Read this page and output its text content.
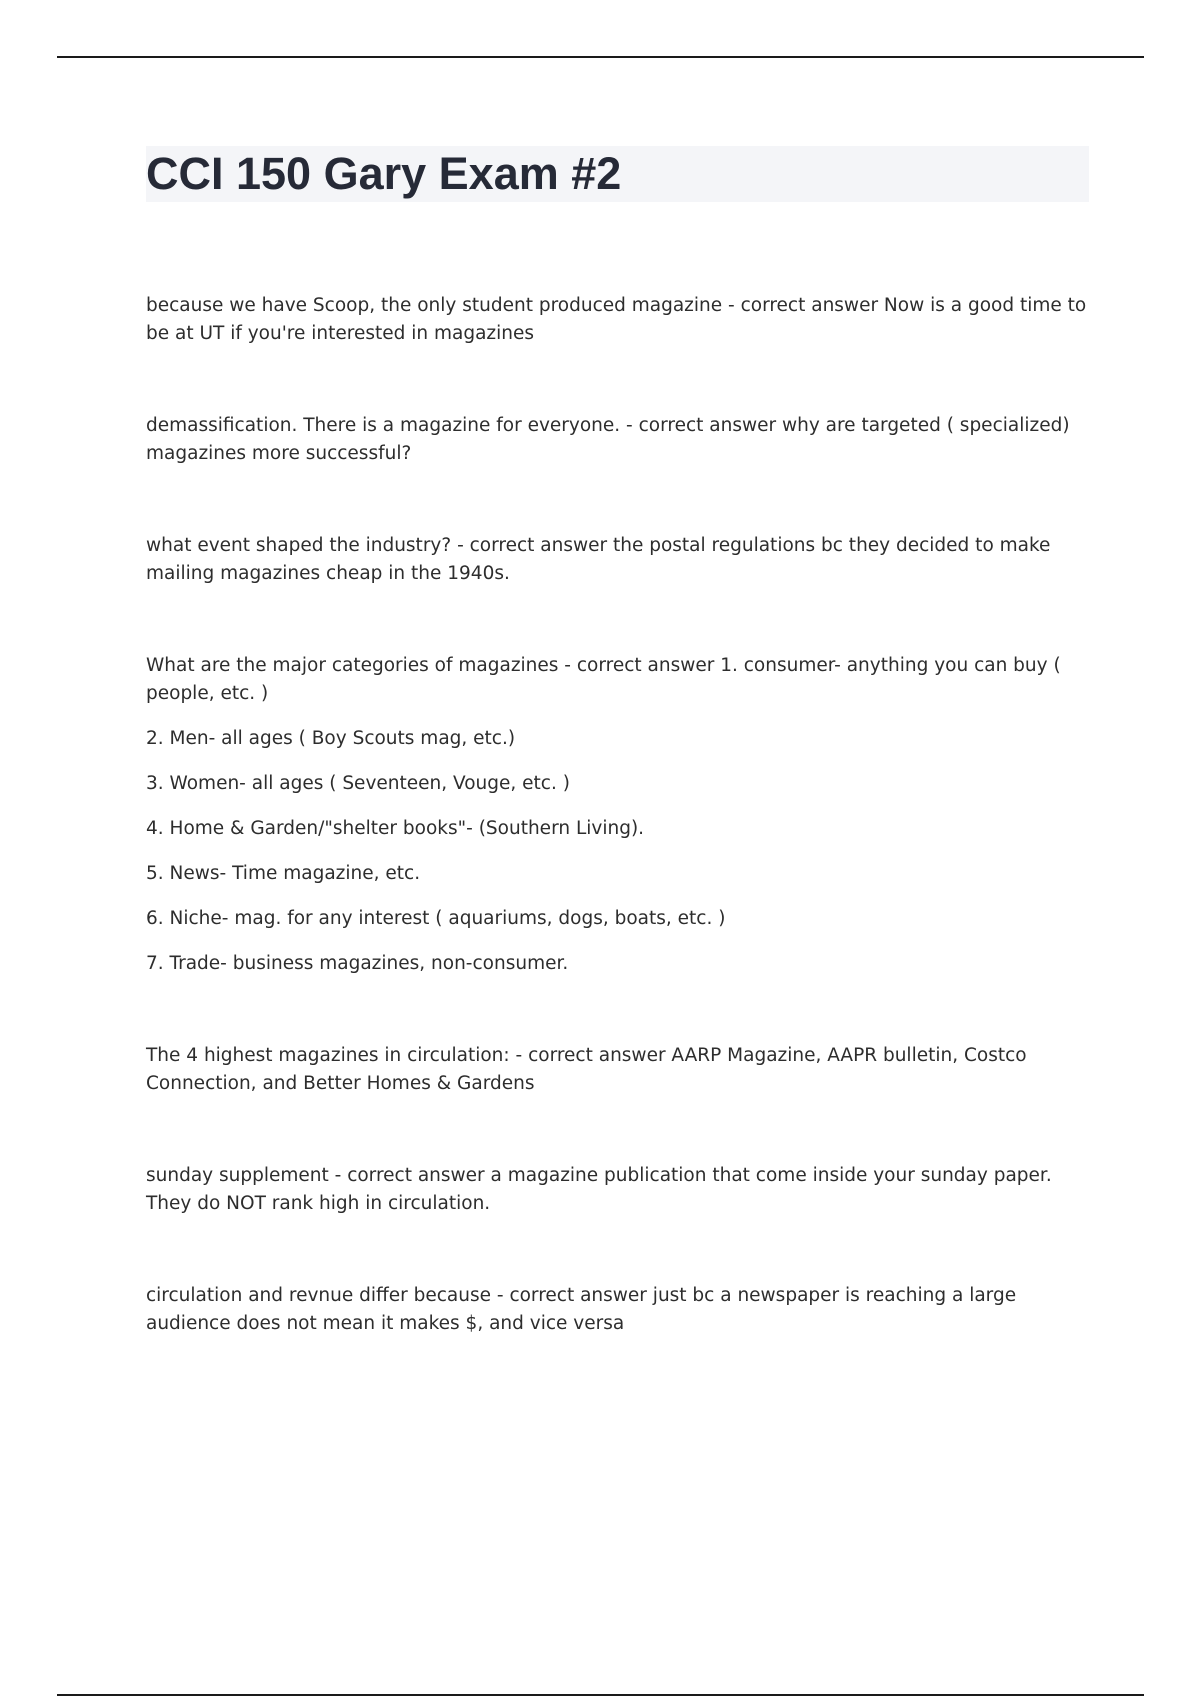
CCI 150 Gary Exam #2

because we have Scoop, the only student produced magazine - correct answer Now is a good time to be at UT if you're interested in magazines

demassification. There is a magazine for everyone. - correct answer why are targeted ( specialized) magazines more successful?

what event shaped the industry? - correct answer the postal regulations bc they decided to make mailing magazines cheap in the 1940s.

What are the major categories of magazines - correct answer 1. consumer- anything you can buy ( people, etc. )

2. Men- all ages ( Boy Scouts mag, etc.)

3. Women- all ages ( Seventeen, Vouge, etc. )

4. Home & Garden/"shelter books"- (Southern Living).

5. News- Time magazine, etc.

6. Niche- mag. for any interest ( aquariums, dogs, boats, etc. )

7. Trade- business magazines, non-consumer.

The 4 highest magazines in circulation: - correct answer AARP Magazine, AAPR bulletin, Costco Connection, and Better Homes & Gardens

sunday supplement - correct answer a magazine publication that come inside your sunday paper. They do NOT rank high in circulation.

circulation and revnue differ because - correct answer just bc a newspaper is reaching a large audience does not mean it makes $, and vice versa
